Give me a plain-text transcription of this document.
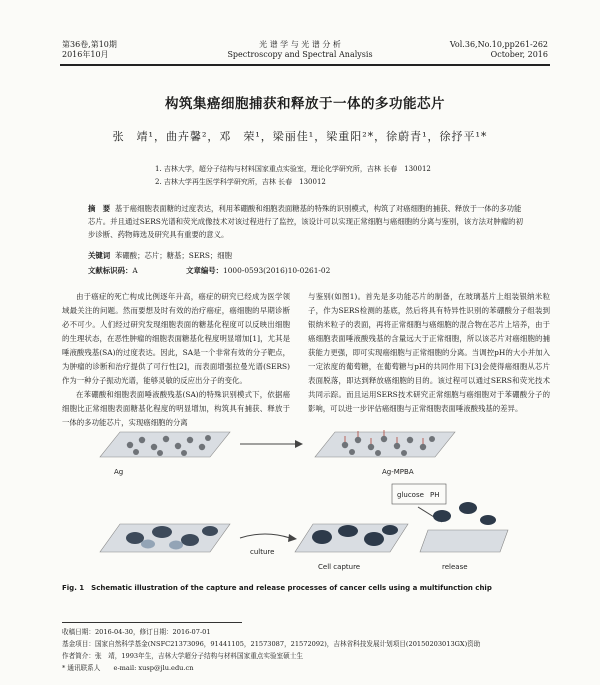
第36卷,第10期
2016年10月
光 谱 学 与 光 谱 分 析
Spectroscopy and Spectral Analysis
Vol.36,No.10,pp261-262
October, 2016
构筑集癌细胞捕获和释放于一体的多功能芯片
张　靖¹，曲卉馨²，邓　荣¹，梁丽佳¹，梁重阳²*，徐蔚青¹，徐抒平¹*
1. 吉林大学，超分子结构与材料国家重点实验室，理论化学研究所，吉林 长春　130012
2. 吉林大学再生医学科学研究所，吉林 长春　130012
摘　要 基于癌细胞表面糖的过度表达，利用苯硼酸和细胞表面糖基的特殊的识别模式，构筑了对癌细胞的捕获、释放于一体的多功能芯片。并且通过SERS光谱和荧光成像技术对该过程进行了监控，该设计可以实现正常细胞与癌细胞的分离与鉴别，该方法对肿瘤的初步诊断、药物筛选及研究具有重要的意义。
关键词 苯硼酸；芯片；糖基；SERS；细胞
文献标识码：A	文章编号：1000-0593(2016)10-0261-02

由于癌症的死亡构成比例逐年升高，癌症的研究已经成为医学领域最关注的问题。然而要想及时有效的治疗癌症，癌细胞的早期诊断必不可少。人们经过研究发现细胞表面的糖基化程度可以反映出细胞的生理状态，在恶性肿瘤的细胞表面糖基化程度明显增加[1]，尤其是唾液酸残基(SA)的过度表达。因此，SA是一个非常有效的分子靶点，为肿瘤的诊断和治疗提供了可行性[2]，而表面增强拉曼光谱(SERS)作为一种分子振动光谱，能够灵敏的反应出分子的变化。

在苯硼酸和细胞表面唾液酸残基(SA)的特殊识别模式下，依据癌细胞比正常细胞表面糖基化程度的明显增加，构筑具有捕获、释放于一体的多功能芯片，实现癌细胞的分离

与鉴别(如图1)。首先是多功能芯片的制备，在玻璃基片上组装银纳米粒子，作为SERS检测的基底，然后将具有特异性识别的苯硼酸分子组装到银纳米粒子的表面，再将正常细胞与癌细胞的混合物在芯片上培养，由于癌细胞表面唾液酸残基的含量远大于正常细胞，所以该芯片对癌细胞的捕获能力更强，即可实现癌细胞与正常细胞的分离。当调控pH的大小并加入一定浓度的葡萄糖，在葡萄糖与pH的共同作用下[3]会使得癌细胞从芯片表面脱落，即达到释放癌细胞的目的。该过程可以通过SERS和荧光技术共同示踪。而且运用SERS技术研究正常细胞与癌细胞对于苯硼酸分子的影响，可以进一步评估癌细胞与正常细胞表面唾液酸残基的差异。

Ag	Ag-MPBA
culture
Cell capture
glucose PH
release
Fig. 1　Schematic illustration of the capture and release processes of cancer cells using a multifunction chip
收稿日期：2016-04-30，修订日期：2016-07-01
基金项目：国家自然科学基金(NSFC21373096，91441105，21573087，21572092)，吉林省科技发展计划项目(20150203013GX)资助
作者简介：张　靖，1993年生，吉林大学超分子结构与材料国家重点实验室硕士生
* 通讯联系人　　e-mail: xusp@jlu.edu.cn
